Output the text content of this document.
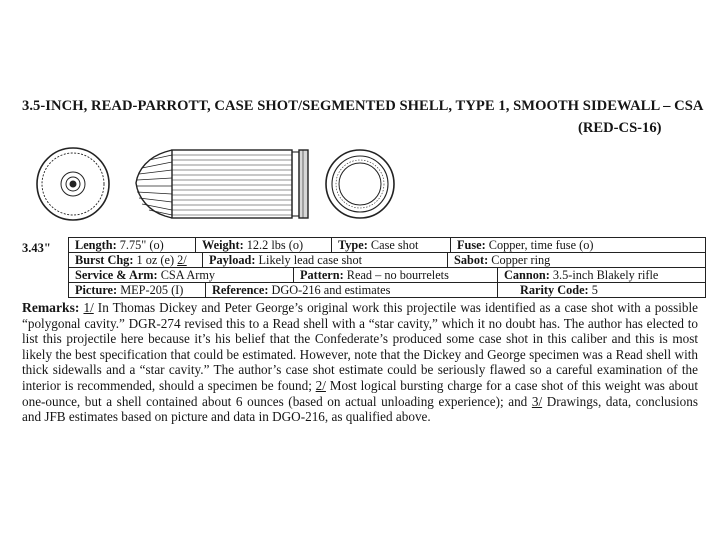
3.5-INCH, READ-PARROTT, CASE SHOT/SEGMENTED SHELL, TYPE 1, SMOOTH SIDEWALL – CSA
(RED-CS-16)
3.43"	Length: 7.75" (o)	Weight: 12.2 lbs (o)	Type: Case shot	Fuse: Copper, time fuse (o)
Burst Chg: 1 oz (e) 2/	Payload: Likely lead case shot	Sabot: Copper ring
Service & Arm: CSA Army	Pattern: Read – no bourrelets	Cannon: 3.5-inch Blakely rifle
Picture: MEP-205 (I)	Reference: DGO-216 and estimates	Rarity Code: 5
Remarks: 1/ In Thomas Dickey and Peter George’s original work this projectile was identified as a case shot with a possible “polygonal cavity.” DGR-274 revised this to a Read shell with a “star cavity,” which it no doubt has. The author has elected to list this projectile here because it’s his belief that the Confederate’s produced some case shot in this caliber and this is most likely the best specification that could be estimated. However, note that the Dickey and George specimen was a Read shell with thick sidewalls and a “star cavity.” The author’s case shot estimate could be seriously flawed so a careful examination of the interior is recommended, should a specimen be found; 2/ Most logical bursting charge for a case shot of this weight was about one-ounce, but a shell contained about 6 ounces (based on actual unloading experience); and 3/ Drawings, data, conclusions and JFB estimates based on picture and data in DGO-216, as qualified above.
